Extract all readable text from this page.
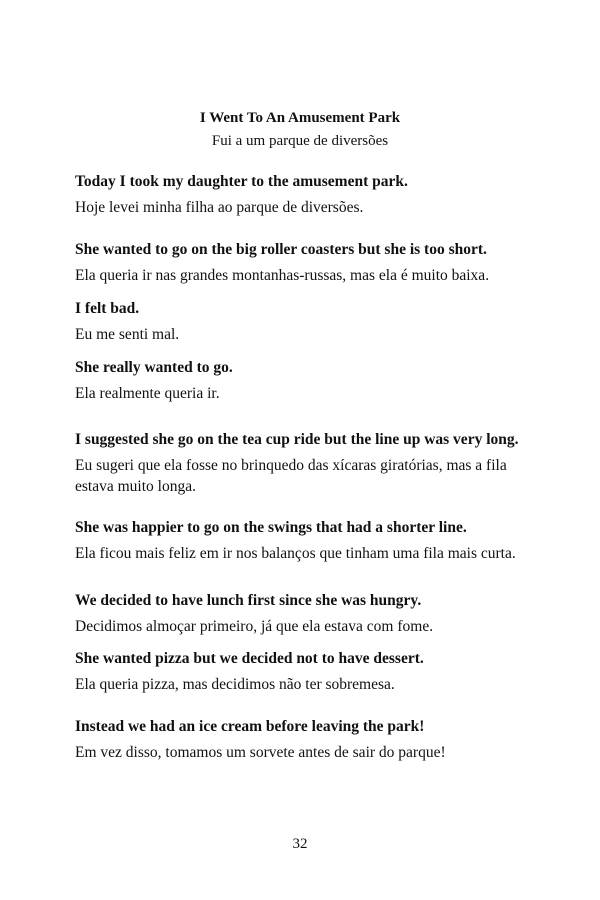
I Went To An Amusement Park
Fui a um parque de diversões
Today I took my daughter to the amusement park.
Hoje levei minha filha ao parque de diversões.
She wanted to go on the big roller coasters but she is too short.
Ela queria ir nas grandes montanhas-russas, mas ela é muito baixa.
I felt bad.
Eu me senti mal.
She really wanted to go.
Ela realmente queria ir.
I suggested she go on the tea cup ride but the line up was very long.
Eu sugeri que ela fosse no brinquedo das xícaras giratórias, mas a fila estava muito longa.
She was happier to go on the swings that had a shorter line.
Ela ficou mais feliz em ir nos balanços que tinham uma fila mais curta.
We decided to have lunch first since she was hungry.
Decidimos almoçar primeiro, já que ela estava com fome.
She wanted pizza but we decided not to have dessert.
Ela queria pizza, mas decidimos não ter sobremesa.
Instead we had an ice cream before leaving the park!
Em vez disso, tomamos um sorvete antes de sair do parque!
32
